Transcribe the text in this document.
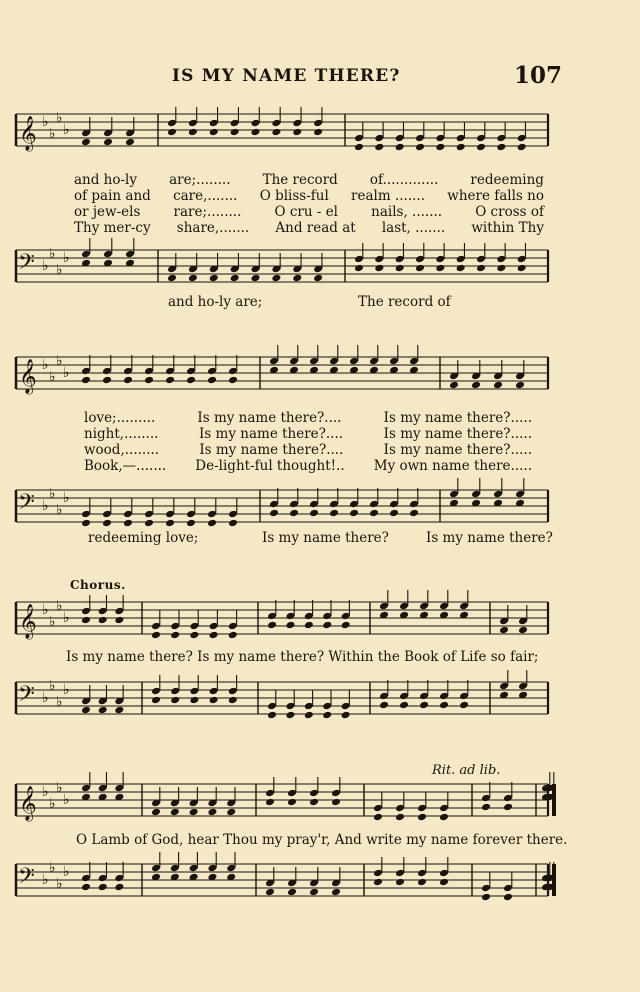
IS MY NAME THERE?	107
𝄞 ♭
♭
♭
♭
𝄢 ♭
♭
♭
♭
and ho-ly are;........ The record of............. redeeming
of pain and care,....... O bliss-ful realm ....... where falls no
or jew-els rare;........ O cru - el nails, ....... O cross of
Thy mer-cy share,....... And read at last, ....... within Thy
and ho-ly are;	The record of
𝄞 ♭
♭
♭
♭
𝄢 ♭
♭
♭
♭
love;.........	Is my name there?....	Is my name there?.....
night,........	Is my name there?....	Is my name there?.....
wood,........	Is my name there?....	Is my name there?.....
Book,—....... De-light-ful thought!.. My own name there.....
redeeming love;	Is my name there?	Is my name there?
Chorus.
𝄞 ♭
♭
♭
♭
Is my name there? Is my name there? Within the Book of Life so fair;
𝄢 ♭
♭
♭
♭
Rit. ad lib.
𝄞 ♭
♭
♭
♭
O Lamb of God, hear Thou my pray'r, And write my name forever there.
𝄢 ♭
♭
♭
♭
